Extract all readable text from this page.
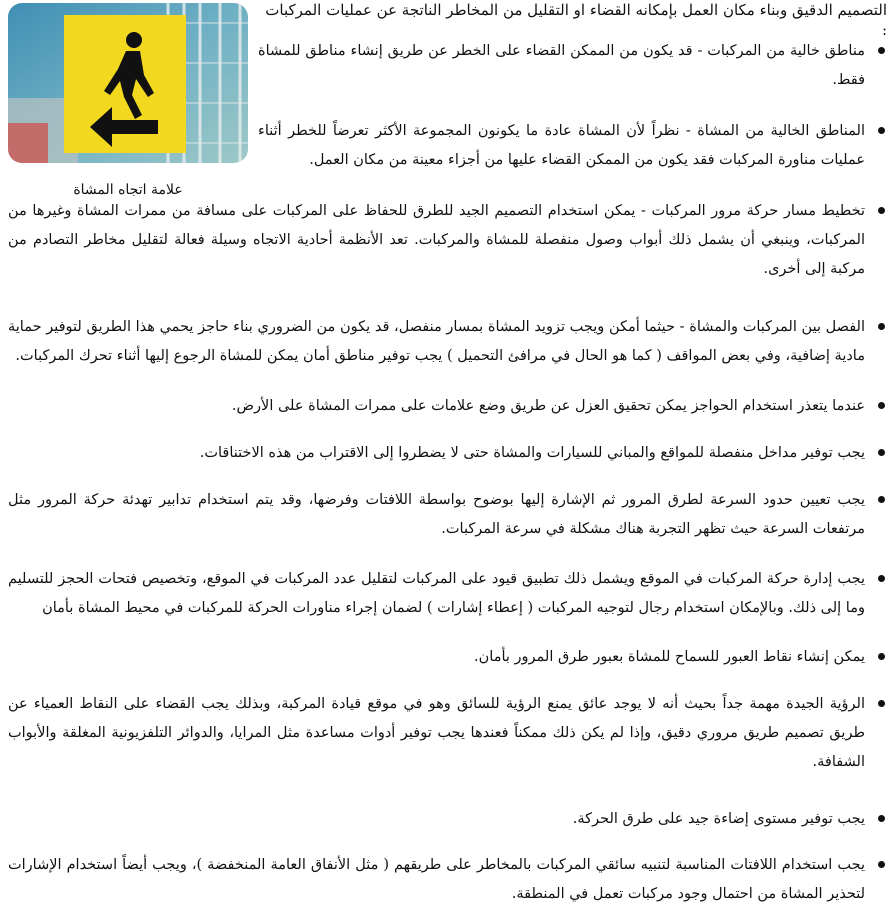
علامة اتجاه المشاة
التصميم الدقيق وبناء مكان العمل بإمكانه القضاء او التقليل من المخاطر الناتجة عن عمليات المركبات :
مناطق خالية من المركبات - قد يكون من الممكن القضاء على الخطر عن طريق إنشاء مناطق للمشاة فقط.
المناطق الخالية من المشاة - نظراً لأن المشاة عادة ما يكونون المجموعة الأكثر تعرضاً للخطر أثناء عمليات مناورة المركبات فقد يكون من الممكن القضاء عليها من أجزاء معينة من مكان العمل.
تخطيط مسار حركة مرور المركبات - يمكن استخدام التصميم الجيد للطرق للحفاظ على المركبات على مسافة من ممرات المشاة وغيرها من المركبات، وينبغي أن يشمل ذلك أبواب وصول منفصلة للمشاة والمركبات. تعد الأنظمة أحادية الاتجاه وسيلة فعالة لتقليل مخاطر التصادم من مركبة إلى أخرى.
الفصل بين المركبات والمشاة - حيثما أمكن ويجب تزويد المشاة بمسار منفصل، قد يكون من الضروري بناء حاجز يحمي هذا الطريق لتوفير حماية مادية إضافية، وفي بعض المواقف ( كما هو الحال في مرافئ التحميل ) يجب توفير مناطق أمان يمكن للمشاة الرجوع إليها أثناء تحرك المركبات.
عندما يتعذر استخدام الحواجز يمكن تحقيق العزل عن طريق وضع علامات على ممرات المشاة على الأرض.
يجب توفير مداخل منفصلة للمواقع والمباني للسيارات والمشاة حتى لا يضطروا إلى الاقتراب من هذه الاختناقات.
يجب تعيين حدود السرعة لطرق المرور ثم الإشارة إليها بوضوح بواسطة اللافتات وفرضها، وقد يتم استخدام تدابير تهدئة حركة المرور مثل مرتفعات السرعة حيث تظهر التجربة هناك مشكلة في سرعة المركبات.
يجب إدارة حركة المركبات في الموقع ويشمل ذلك تطبيق قيود على المركبات لتقليل عدد المركبات في الموقع، وتخصيص فتحات الحجز للتسليم وما إلى ذلك. وبالإمكان استخدام رجال لتوجيه المركبات ( إعطاء إشارات ) لضمان إجراء مناورات الحركة للمركبات في محيط المشاة بأمان
يمكن إنشاء نقاط العبور للسماح للمشاة بعبور طرق المرور بأمان.
الرؤية الجيدة مهمة جداً بحيث أنه لا يوجد عائق يمنع الرؤية للسائق وهو في موقع قيادة المركبة، وبذلك يجب القضاء على النقاط العمياء عن طريق تصميم طريق مروري دقيق، وإذا لم يكن ذلك ممكناً فعندها يجب توفير أدوات مساعدة مثل المرايا، والدوائر التلفزيونية المغلقة والأبواب الشفافة.
يجب توفير مستوى إضاءة جيد على طرق الحركة.
يجب استخدام اللافتات المناسبة لتنبيه سائقي المركبات بالمخاطر على طريقهم ( مثل الأنفاق العامة المنخفضة )، ويجب أيضاً استخدام الإشارات لتحذير المشاة من احتمال وجود مركبات تعمل في المنطقة.
